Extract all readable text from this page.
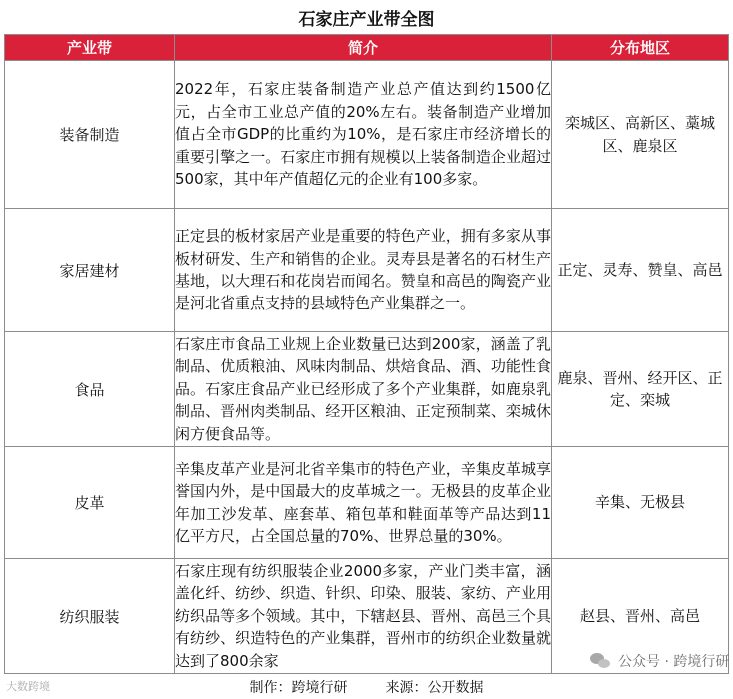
石家庄产业带全图
产业带	简介	分布地区
装备制造	2022年，石家庄装备制造产业总产值达到约1500亿元，占全市工业总产值的20%左右。装备制造产业增加值占全市GDP的比重约为10%，是石家庄市经济增长的重要引擎之一。石家庄市拥有规模以上装备制造企业超过500家，其中年产值超亿元的企业有100多家。	栾城区、高新区、藁城区、鹿泉区
家居建材	正定县的板材家居产业是重要的特色产业，拥有多家从事板材研发、生产和销售的企业。灵寿县是著名的石材生产基地，以大理石和花岗岩而闻名。赞皇和高邑的陶瓷产业是河北省重点支持的县域特色产业集群之一。	正定、灵寿、赞皇、高邑
食品	石家庄市食品工业规上企业数量已达到200家，涵盖了乳制品、优质粮油、风味肉制品、烘焙食品、酒、功能性食品。石家庄食品产业已经形成了多个产业集群，如鹿泉乳制品、晋州肉类制品、经开区粮油、正定预制菜、栾城休闲方便食品等。	鹿泉、晋州、经开区、正定、栾城
皮革	辛集皮革产业是河北省辛集市的特色产业，辛集皮革城享誉国内外，是中国最大的皮革城之一。无极县的皮革企业年加工沙发革、座套革、箱包革和鞋面革等产品达到11亿平方尺，占全国总量的70%、世界总量的30%。	辛集、无极县
纺织服装	石家庄现有纺织服装企业2000多家，产业门类丰富，涵盖化纤、纺纱、织造、针织、印染、服装、家纺、产业用纺织品等多个领域。其中，下辖赵县、晋州、高邑三个具有纺纱、织造特色的产业集群，晋州市的纺织企业数量就达到了800余家	赵县、晋州、高邑
公众号 · 跨境行研
大数跨境	制作：跨境行研	来源：公开数据
